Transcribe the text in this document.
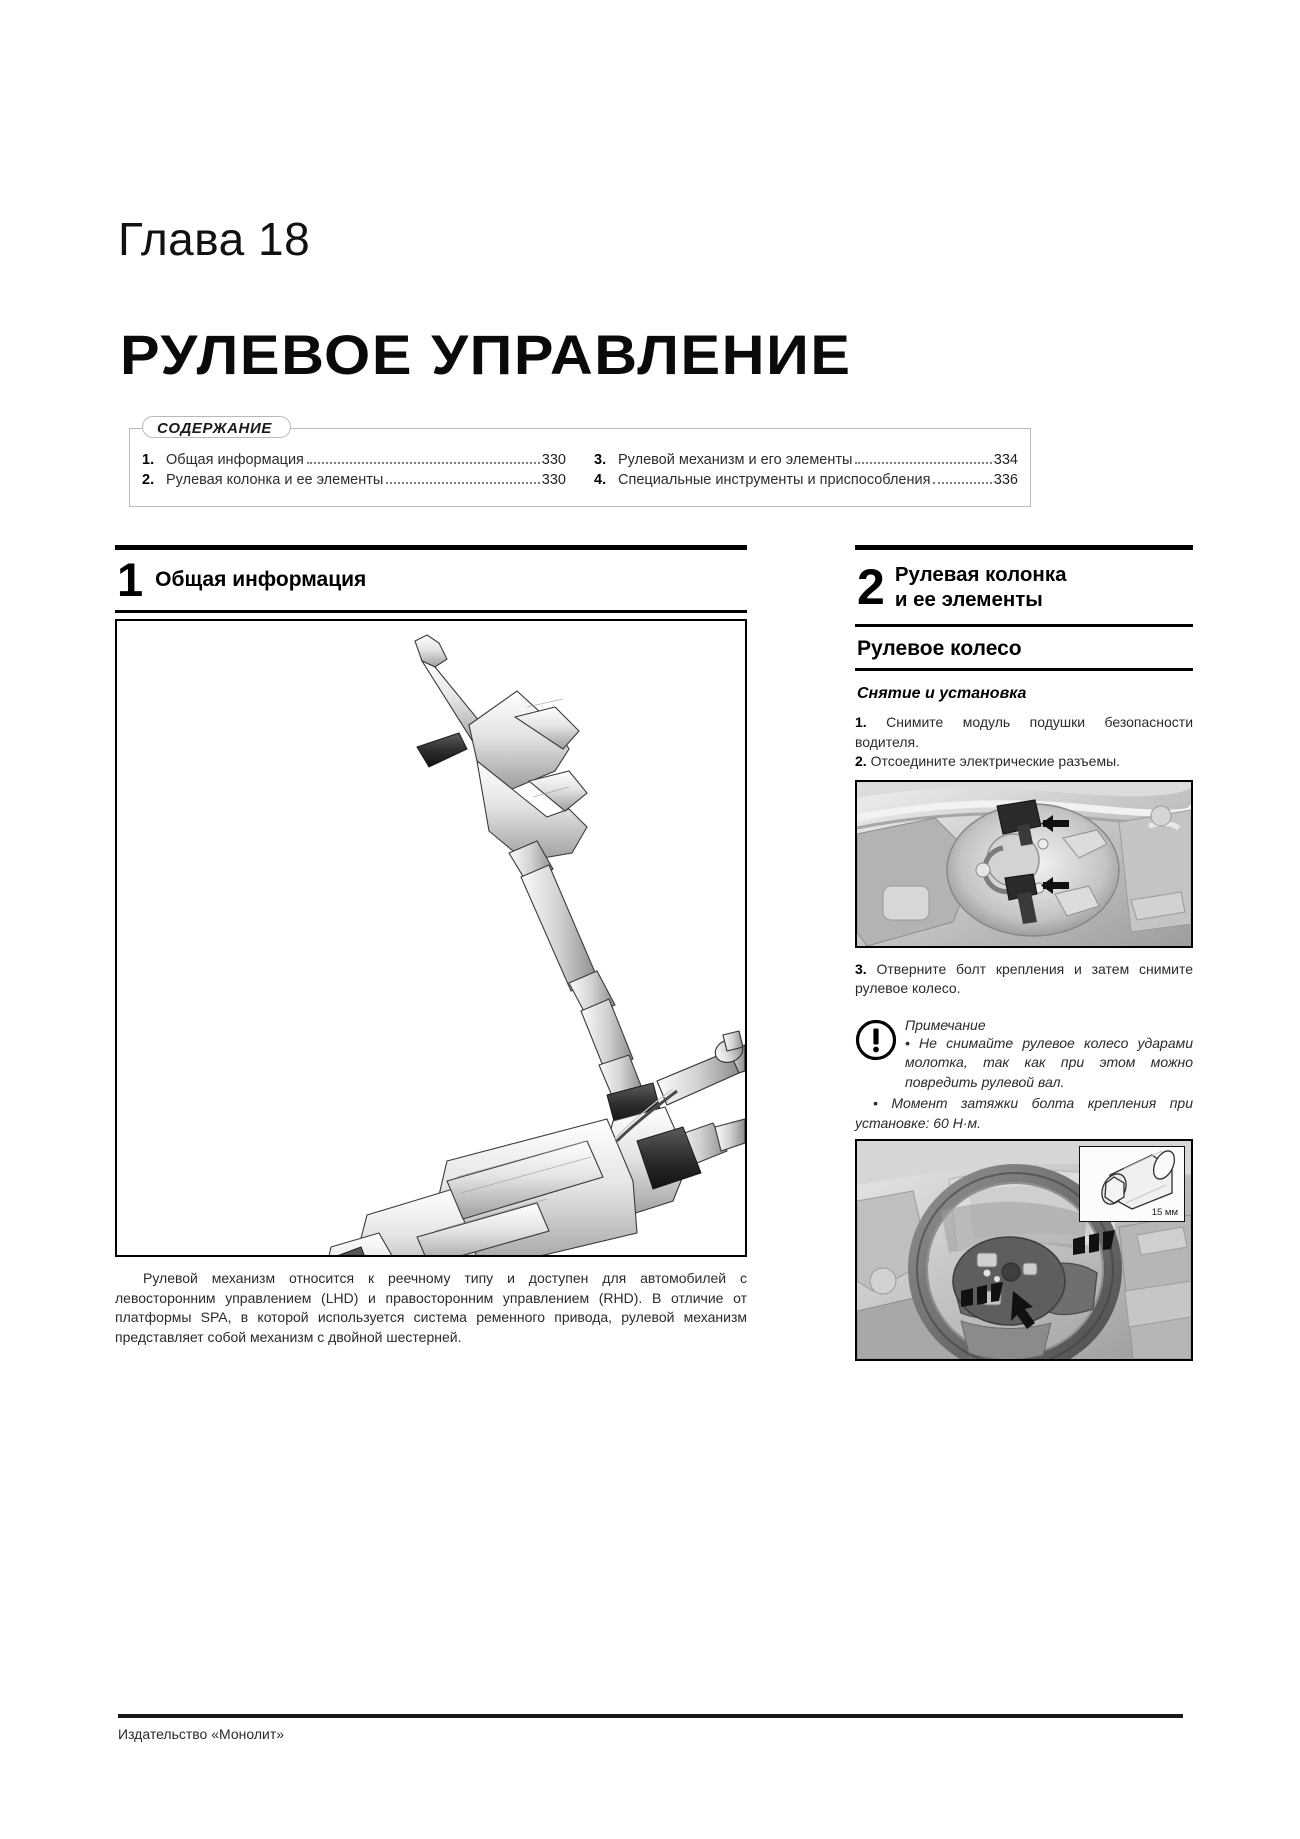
Глава 18
РУЛЕВОЕ УПРАВЛЕНИЕ
СОДЕРЖАНИЕ
1. Общая информация	330
2. Рулевая колонка и ее элементы	330
3. Рулевой механизм и его элементы	334
4. Специальные инструменты и приспособления	336
1 Общая информация
Рулевой механизм относится к реечному типу и доступен для автомобилей с левосторонним управлением (LHD) и правосторонним управлением (RHD). В отличие от платформы SPA, в которой используется система ременного привода, рулевой механизм представляет собой механизм с двойной шестерней.
2 Рулевая колонка
и ее элементы
Рулевое колесо
Снятие и установка
1. Снимите модуль подушки безопасности водителя.
2. Отсоедините электрические разъемы.
3. Отверните болт крепления и затем снимите рулевое колесо.
Примечание
• Не снимайте рулевое колесо ударами молотка, так как при этом можно повредить рулевой вал.
• Момент затяжки болта крепления при установке: 60 Н·м.
15 мм
Издательство «Монолит»
